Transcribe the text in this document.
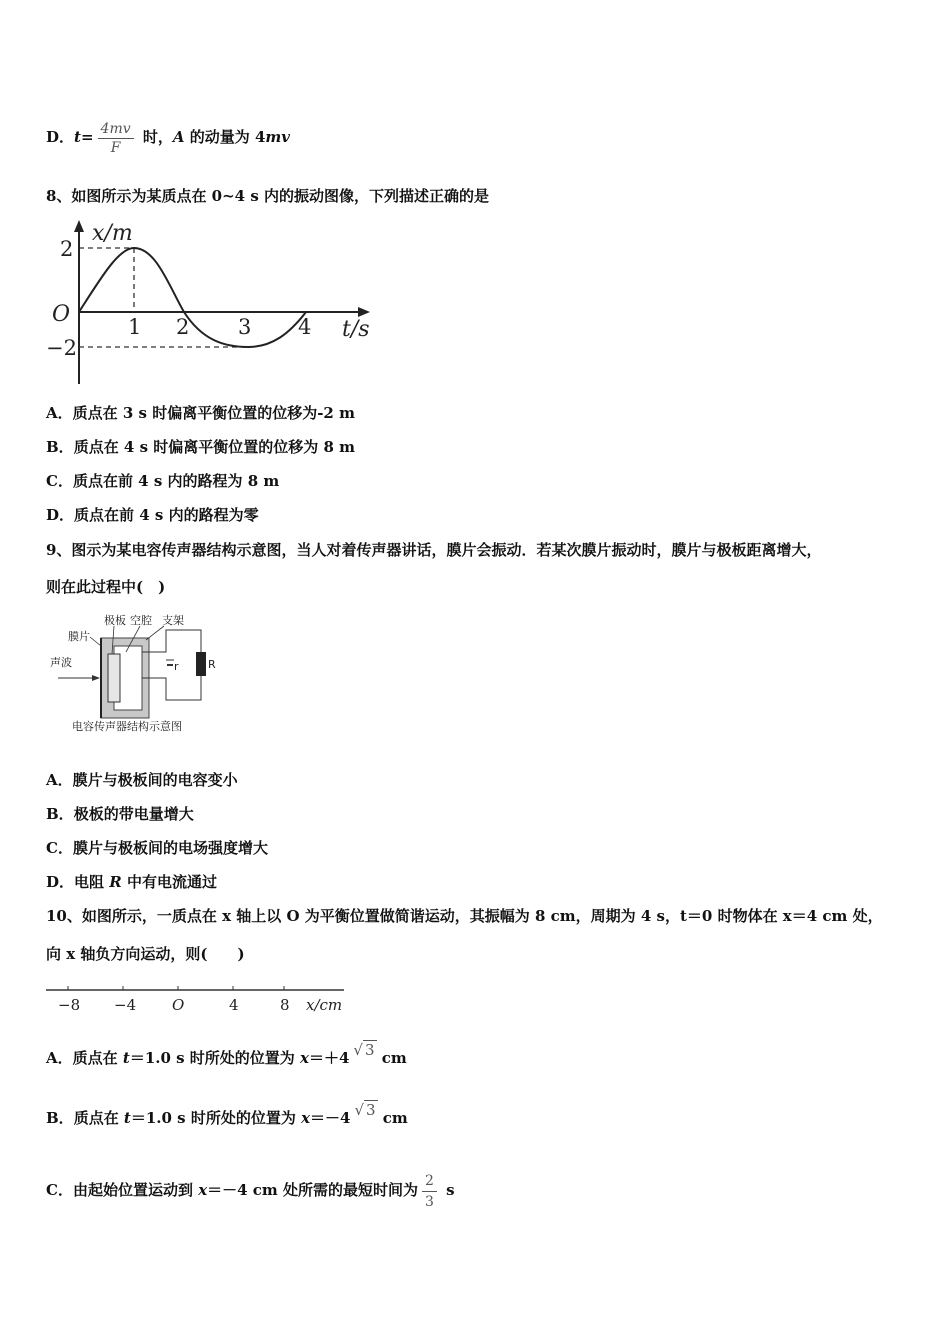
D．$t= \frac{4mv}{F}$ 时，A 的动量为 4mv
8、如图所示为某质点在 0~4 s 内的振动图像，下列描述正确的是
x/m
O
2
−2
1 2 3 4 t/s
A．质点在 3 s 时偏离平衡位置的位移为-2 m
B．质点在 4 s 时偏离平衡位置的位移为 8 m
C．质点在前 4 s 内的路程为 8 m
D．质点在前 4 s 内的路程为零
9、图示为某电容传声器结构示意图，当人对着传声器讲话，膜片会振动．若某次膜片振动时，膜片与极板距离增大，
则在此过程中(　)
极板 空腔 支架
膜片
声波	r	R
电容传声器结构示意图
A．膜片与极板间的电容变小
B．极板的带电量增大
C．膜片与极板间的电场强度增大
D．电阻 R 中有电流通过
10、如图所示，一质点在 x 轴上以 O 为平衡位置做简谐运动，其振幅为 8 cm，周期为 4 s，t＝0 时物体在 x＝4 cm 处，
向 x 轴负方向运动，则(　　)
−8 −4 O	4	8 x/cm
A．质点在 t＝1.0 s 时所处的位置为 x＝＋4 √ 3 cm
B．质点在 t＝1.0 s 时所处的位置为 x＝－4 √ 3 cm
C．由起始位置运动到 x＝－4 cm 处所需的最短时间为 $\frac{2}{3}$ s
